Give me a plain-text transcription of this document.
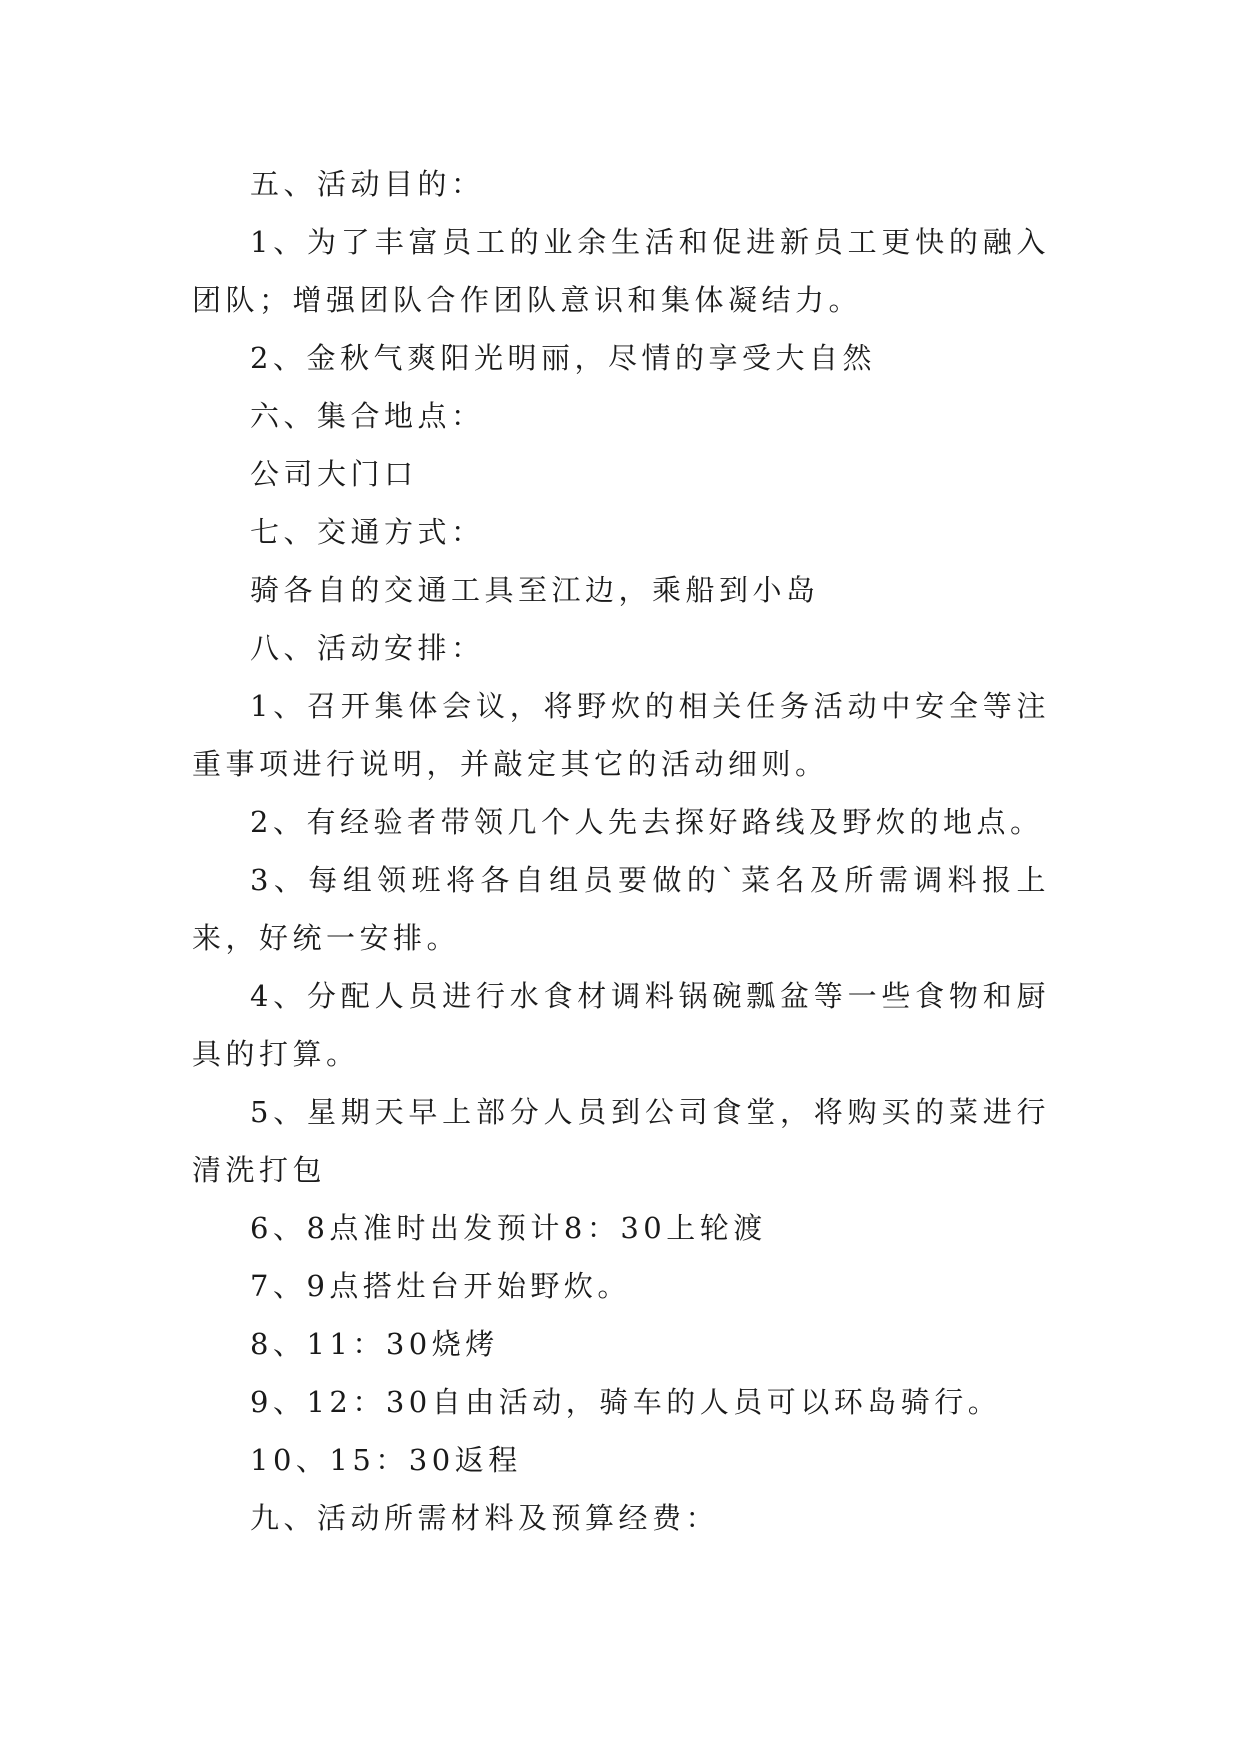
五、活动目的：

1、为了丰富员工的业余生活和促进新员工更快的融入团队；增强团队合作团队意识和集体凝结力。

2、金秋气爽阳光明丽，尽情的享受大自然

六、集合地点：

公司大门口

七、交通方式：

骑各自的交通工具至江边，乘船到小岛

八、活动安排：

1、召开集体会议，将野炊的相关任务活动中安全等注重事项进行说明，并敲定其它的活动细则。

2、有经验者带领几个人先去探好路线及野炊的地点。

3、每组领班将各自组员要做的`菜名及所需调料报上来，好统一安排。

4、分配人员进行水食材调料锅碗瓢盆等一些食物和厨具的打算。

5、星期天早上部分人员到公司食堂，将购买的菜进行清洗打包

6、8点准时出发预计8：30上轮渡

7、9点搭灶台开始野炊。

8、11：30烧烤

9、12：30自由活动，骑车的人员可以环岛骑行。

10、15：30返程

九、活动所需材料及预算经费：
